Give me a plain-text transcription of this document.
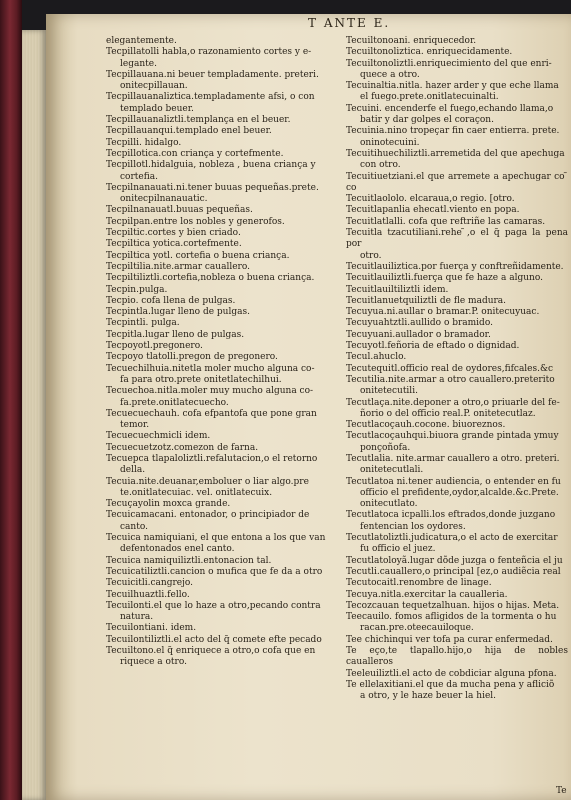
T ANTE E.
elegantemente.
Tecpillatolli habla,o razonamiento cortes y e-
legante.
Tecpillauana.ni beuer templadamente. preteri.
onitecpillauan.
Tecpillauanaliztica.templadamente afsi, o con
templado beuer.
Tecpillauanaliztli.templança en el beuer.
Tecpillauanqui.templado enel beuer.
Tecpilli. hidalgo.
Tecpillotica.con criança y cortefmente.
Tecpillotl.hidalguia, nobleza , buena criança y
cortefia.
Tecpilnanauati.ni.tener buuas pequeñas.prete.
onitecpilnanauatic.
Tecpilnanauatl.buuas pequeñas.
Tecpilpan.entre los nobles y generofos.
Tecpiltic.cortes y bien criado.
Tecpiltica yotica.cortefmente.
Tecpiltica yotl. cortefia o buena criança.
Tecpiltilia.nite.armar cauallero.
Tecpiltiliztli.cortefia,nobleza o buena criança.
Tecpin.pulga.
Tecpio. cofa llena de pulgas.
Tecpintla.lugar lleno de pulgas.
Tecpintli. pulga.
Tecpitla.lugar lleno de pulgas.
Tecpoyotl.pregonero.
Tecpoyo tlatolli.pregon de pregonero.
Tecuechilhuia.nitetla moler mucho alguna co-
fa para otro.prete onitetlatechilhui.
Tecuechoa.nitla.moler muy mucho alguna co-
fa.prete.onitlatecuecho.
Tecuecuechauh. cofa efpantofa que pone gran
temor.
Tecuecuechmicli idem.
Tecuecuetzotz.comezon de farna.
Tecuepca tlapaloliztli.refalutacion,o el retorno
della.
Tecuia.nite.deuanar,emboluer o liar algo.pre
te.onitlatecuiac. vel. onitlatecuix.
Tecuçayolin moxca grande.
Tecuicamacani. entonador, o principiador de
canto.
Tecuica namiquiani, el que entona a los que van
defentonados enel canto.
Tecuica namiquiliztli.entonacion tal.
Tecuicatiliztli.cancion o mufica que fe da a otro
Tecuicitli.cangrejo.
Tecuilhuaztli.fello.
Tecuilonti.el que lo haze a otro,pecando contra
natura.
Tecuilontiani. idem.
Tecuilontiliztli.el acto del q̃ comete efte pecado
Tecuiltono.el q̃ enriquece a otro,o cofa que en
riquece a otro.
Tecuiltonoani. enriquecedor.
Tecuiltonoliztica. enriquecidamente.
Tecuiltonoliztli.enriquecimiento del que enri-
quece a otro.
Tecuinaltia.nitla. hazer arder y que eche llama
el fuego.prete.onitlatecuinalti.
Tecuini. encenderfe el fuego,echando llama,o
batir y dar golpes el coraçon.
Tecuinia.nino tropeçar fin caer entierra. prete.
oninotecuini.
Tecuitihuechiliztli.arremetida del que apechuga
con otro.
Tecuitiuetziani.el que arremete a apechugar co ̃ co
Tecuitlaololo. elcaraua,o regio. [otro.
Tecuitlapanlia ehecatl.viento en popa.
Tecuitlatlalli. cofa que reftriñe las camaras.
Tecuitla tzacutiliani.rehe ̃,o el q̃ paga la pena por
otro.
Tecuitlauiliztica.por fuerça y conftreñidamente.
Tecuitlauiliztli.fuerça que fe haze a alguno.
Tecuitlauiltiliztli idem.
Tecuitlanuetquiliztli de fle madura.
Tecuyua.ni.aullar o bramar.P. onitecuyuac.
Tecuyuahtztli.aullido o bramido.
Tecuyuani.aullador o bramador.
Tecuyotl.feñoria de eftado o dignidad.
Tecul.ahuclo.
Tecutequitl.officio real de oydores,fifcales.&c
Tecutilia.nite.armar a otro cauallero.preterito
onitetecutili.
Tecutlaça.nite.deponer a otro,o priuarle del fe-
ñorio o del officio real.P. onitetecutlaz.
Tecutlacoçauh.cocone. biuoreznos.
Tecutlacoçauhqui.biuora grande pintada ymuy
ponçoñofa.
Tecutlalia. nite.armar cauallero a otro. preteri.
onitetecutlali.
Tecutlatoa ni.tener audiencia, o entender en fu
officio el prefidente,oydor,alcalde.&c.Prete.
onitecutlato.
Tecutlatoca icpalli.los eftrados,donde juzgano
fentencian los oydores.
Tecutlatoliztli.judicatura,o el acto de exercitar
fu officio el juez.
Tecutlatoloyã.lugar dõde juzga o fenteñcia el ju
Tecutli.cauallero,o principal [ez,o audiẽcia real
Tecutocaitl.renombre de linage.
Tecuya.nitla.exercitar la caualleria.
Tecozcauan tequetzalhuan. hijos o hijas. Meta.
Teecauilo. fomos afligidos de la tormenta o hu
racan.pre.oteecauiloque.
Tee chichinqui ver tofa pa curar enfermedad.
Te eço,te tlapallo.hijo,o hija de nobles caualleros
Teeleuiliztli.el acto de cobdiciar alguna pfona.
Te ellelaxitiani.el que da mucha pena y afliciõ
a otro, y le haze beuer la hiel.
Te
